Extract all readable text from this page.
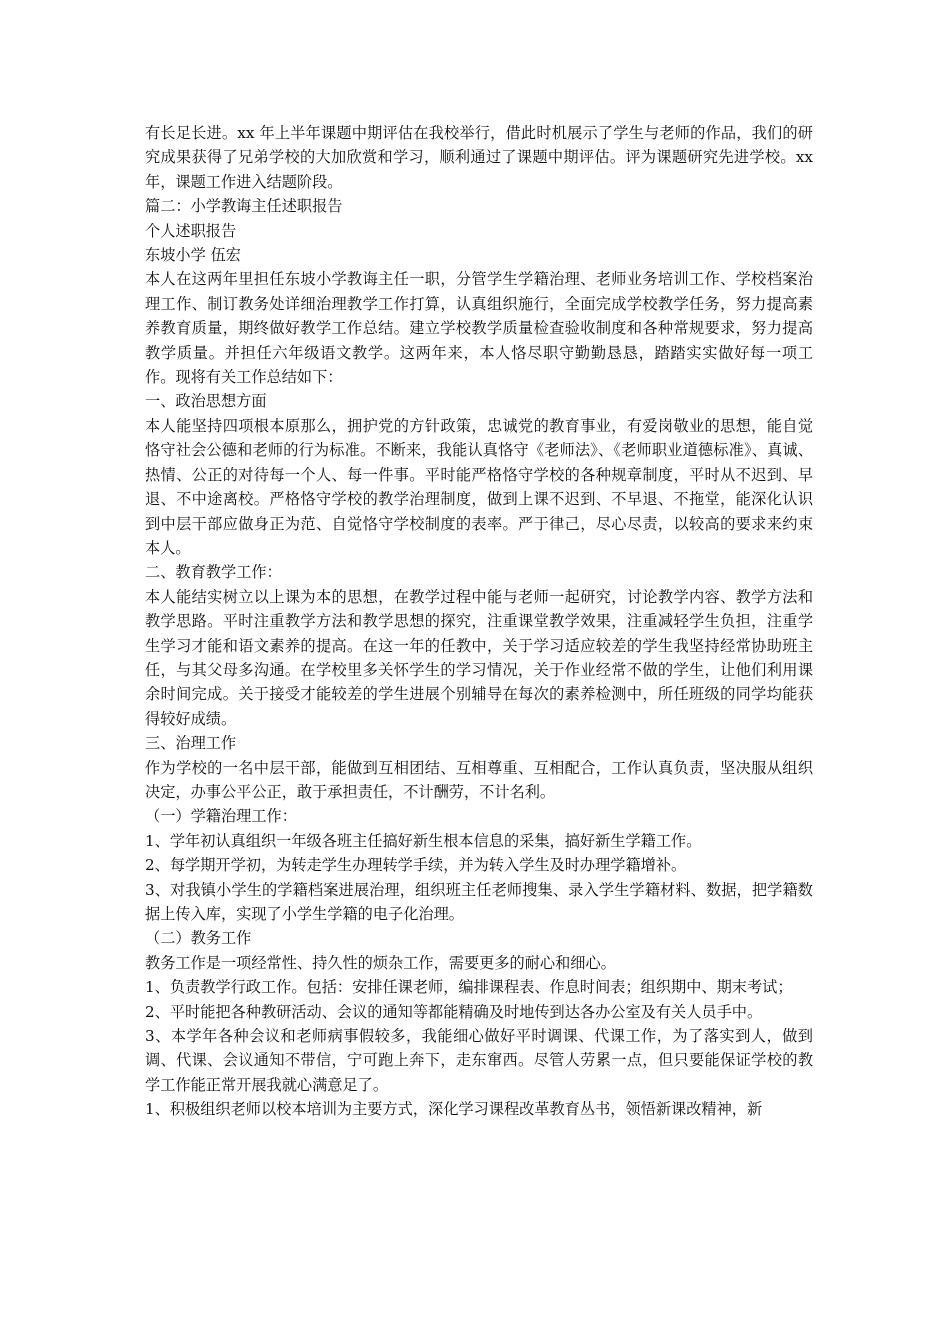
有长足长进。xx 年上半年课题中期评估在我校举行，借此时机展示了学生与老师的作品，我们的研究成果获得了兄弟学校的大加欣赏和学习，顺利通过了课题中期评估。评为课题研究先进学校。xx 年，课题工作进入结题阶段。

篇二：小学教诲主任述职报告

个人述职报告

东坡小学 伍宏

本人在这两年里担任东坡小学教诲主任一职，分管学生学籍治理、老师业务培训工作、学校档案治理工作、制订教务处详细治理教学工作打算，认真组织施行，全面完成学校教学任务，努力提高素养教育质量，期终做好教学工作总结。建立学校教学质量检查验收制度和各种常规要求，努力提高教学质量。并担任六年级语文教学。这两年来，本人恪尽职守勤勤恳恳，踏踏实实做好每一项工作。现将有关工作总结如下：

一、政治思想方面

本人能坚持四项根本原那么，拥护党的方针政策，忠诚党的教育事业，有爱岗敬业的思想，能自觉恪守社会公德和老师的行为标准。不断来，我能认真恪守《老师法》、《老师职业道德标准》、真诚、热情、公正的对待每一个人、每一件事。平时能严格恪守学校的各种规章制度，平时从不迟到、早退、不中途离校。严格恪守学校的教学治理制度，做到上课不迟到、不早退、不拖堂，能深化认识到中层干部应做身正为范、自觉恪守学校制度的表率。严于律己，尽心尽责，以较高的要求来约束本人。

二、教育教学工作：

本人能结实树立以上课为本的思想，在教学过程中能与老师一起研究，讨论教学内容、教学方法和教学思路。平时注重教学方法和教学思想的探究，注重课堂教学效果，注重减轻学生负担，注重学生学习才能和语文素养的提高。在这一年的任教中，关于学习适应较差的学生我坚持经常协助班主任，与其父母多沟通。在学校里多关怀学生的学习情况，关于作业经常不做的学生，让他们利用课余时间完成。关于接受才能较差的学生进展个别辅导在每次的素养检测中，所任班级的同学均能获得较好成绩。

三、治理工作

作为学校的一名中层干部，能做到互相团结、互相尊重、互相配合，工作认真负责，坚决服从组织决定，办事公平公正，敢于承担责任，不计酬劳，不计名利。

（一）学籍治理工作：

1、学年初认真组织一年级各班主任搞好新生根本信息的采集，搞好新生学籍工作。

2、每学期开学初，为转走学生办理转学手续，并为转入学生及时办理学籍增补。

3、对我镇小学生的学籍档案进展治理，组织班主任老师搜集、录入学生学籍材料、数据，把学籍数据上传入库，实现了小学生学籍的电子化治理。

（二）教务工作

教务工作是一项经常性、持久性的烦杂工作，需要更多的耐心和细心。

1、负责教学行政工作。包括：安排任课老师，编排课程表、作息时间表；组织期中、期末考试；

2、平时能把各种教研活动、会议的通知等都能精确及时地传到达各办公室及有关人员手中。

3、本学年各种会议和老师病事假较多，我能细心做好平时调课、代课工作，为了落实到人，做到调、代课、会议通知不带信，宁可跑上奔下，走东窜西。尽管人劳累一点，但只要能保证学校的教学工作能正常开展我就心满意足了。

1、积极组织老师以校本培训为主要方式，深化学习课程改革教育丛书，领悟新课改精神，新
